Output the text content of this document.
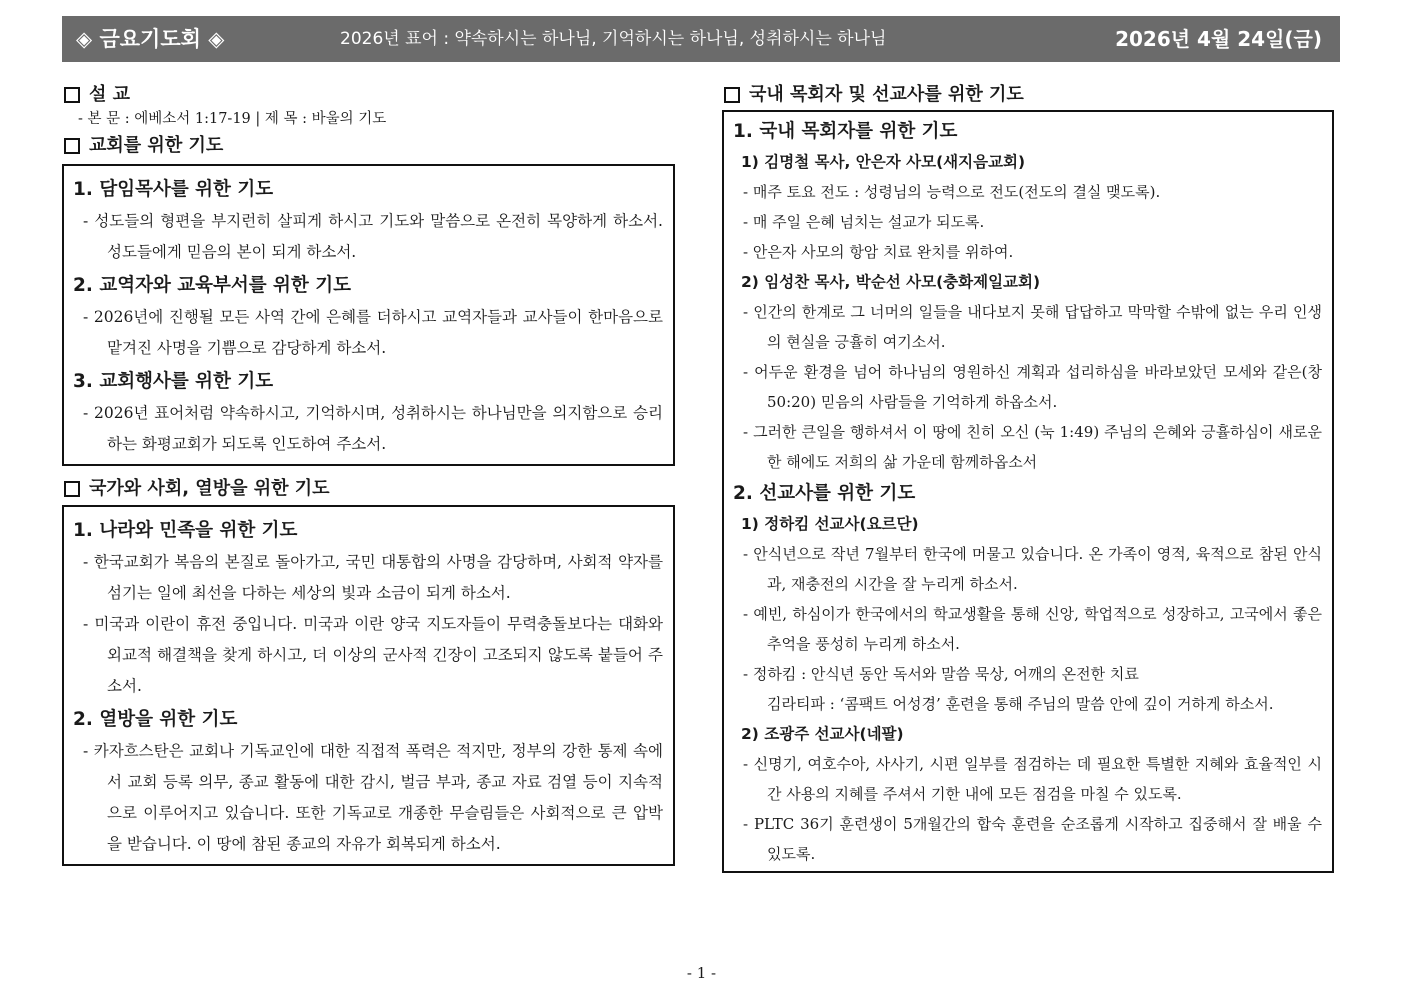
◈ 금요기도회 ◈	2026년 표어 : 약속하시는 하나님, 기억하시는 하나님, 성취하시는 하나님	2026년 4월 24일(금)
설 교
- 본 문 : 에베소서 1:17-19 | 제 목 : 바울의 기도
교회를 위한 기도
1. 담임목사를 위한 기도
- 성도들의 형편을 부지런히 살피게 하시고 기도와 말씀으로 온전히 목양하게 하소서. 성도들에게 믿음의 본이 되게 하소서.
2. 교역자와 교육부서를 위한 기도
- 2026년에 진행될 모든 사역 간에 은혜를 더하시고 교역자들과 교사들이 한마음으로 맡겨진 사명을 기쁨으로 감당하게 하소서.
3. 교회행사를 위한 기도
- 2026년 표어처럼 약속하시고, 기억하시며, 성취하시는 하나님만을 의지함으로 승리하는 화평교회가 되도록 인도하여 주소서.
국가와 사회, 열방을 위한 기도
1. 나라와 민족을 위한 기도
- 한국교회가 복음의 본질로 돌아가고, 국민 대통합의 사명을 감당하며, 사회적 약자를 섬기는 일에 최선을 다하는 세상의 빛과 소금이 되게 하소서.
- 미국과 이란이 휴전 중입니다. 미국과 이란 양국 지도자들이 무력충돌보다는 대화와 외교적 해결책을 찾게 하시고, 더 이상의 군사적 긴장이 고조되지 않도록 붙들어 주소서.
2. 열방을 위한 기도
- 카자흐스탄은 교회나 기독교인에 대한 직접적 폭력은 적지만, 정부의 강한 통제 속에서 교회 등록 의무, 종교 활동에 대한 감시, 벌금 부과, 종교 자료 검열 등이 지속적으로 이루어지고 있습니다. 또한 기독교로 개종한 무슬림들은 사회적으로 큰 압박을 받습니다. 이 땅에 참된 종교의 자유가 회복되게 하소서.
국내 목회자 및 선교사를 위한 기도
1. 국내 목회자를 위한 기도
1) 김명철 목사, 안은자 사모(새지음교회)
- 매주 토요 전도 : 성령님의 능력으로 전도(전도의 결실 맺도록).
- 매 주일 은혜 넘치는 설교가 되도록.
- 안은자 사모의 항암 치료 완치를 위하여.
2) 임성찬 목사, 박순선 사모(충화제일교회)
- 인간의 한계로 그 너머의 일들을 내다보지 못해 답답하고 막막할 수밖에 없는 우리 인생의 현실을 긍휼히 여기소서.
- 어두운 환경을 넘어 하나님의 영원하신 계획과 섭리하심을 바라보았던 모세와 같은(창50:20) 믿음의 사람들을 기억하게 하옵소서.
- 그러한 큰일을 행하셔서 이 땅에 친히 오신 (눅 1:49) 주님의 은혜와 긍휼하심이 새로운 한 해에도 저희의 삶 가운데 함께하옵소서
2. 선교사를 위한 기도
1) 정하킴 선교사(요르단)
- 안식년으로 작년 7월부터 한국에 머물고 있습니다. 온 가족이 영적, 육적으로 참된 안식과, 재충전의 시간을 잘 누리게 하소서.
- 예빈, 하심이가 한국에서의 학교생활을 통해 신앙, 학업적으로 성장하고, 고국에서 좋은 추억을 풍성히 누리게 하소서.
- 정하킴 : 안식년 동안 독서와 말씀 묵상, 어깨의 온전한 치료
김라티파 : ‘콤팩트 어성경’ 훈련을 통해 주님의 말씀 안에 깊이 거하게 하소서.
2) 조광주 선교사(네팔)
- 신명기, 여호수아, 사사기, 시편 일부를 점검하는 데 필요한 특별한 지혜와 효율적인 시간 사용의 지혜를 주셔서 기한 내에 모든 점검을 마칠 수 있도록.
- PLTC 36기 훈련생이 5개월간의 합숙 훈련을 순조롭게 시작하고 집중해서 잘 배울 수 있도록.
- 1 -
